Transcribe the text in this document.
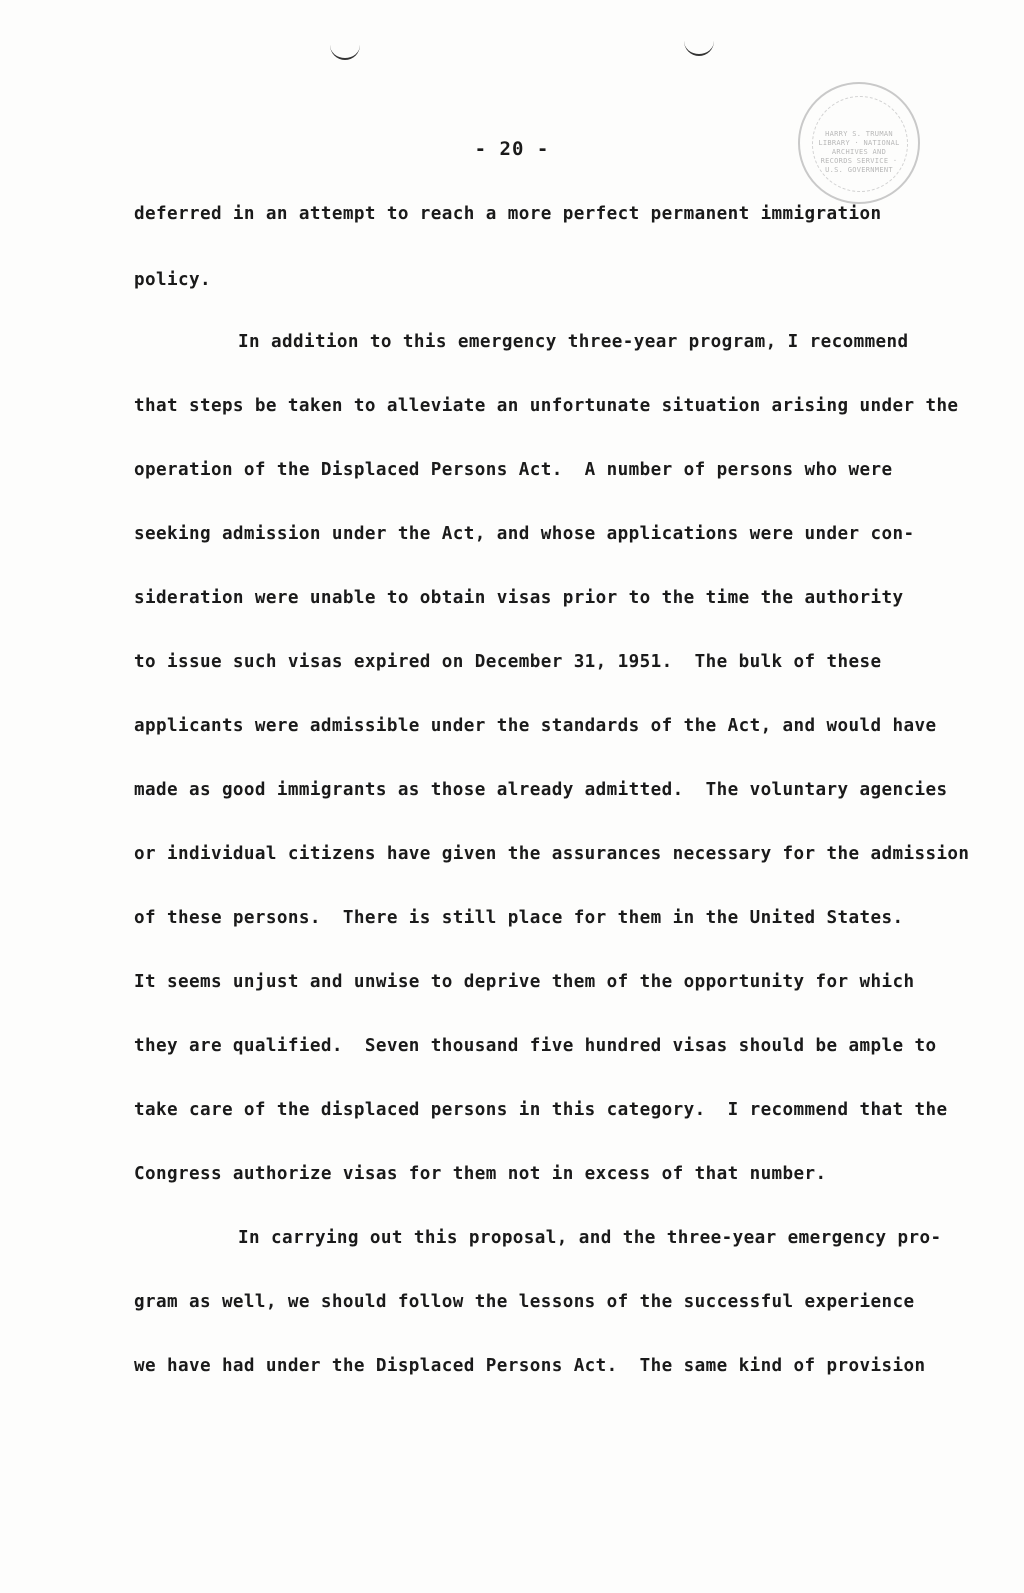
HARRY S. TRUMAN LIBRARY · NATIONAL ARCHIVES AND RECORDS SERVICE · U.S. GOVERNMENT
- 20 -
deferred in an attempt to reach a more perfect permanent immigration
policy.
In addition to this emergency three-year program, I recommend
that steps be taken to alleviate an unfortunate situation arising under the
operation of the Displaced Persons Act.  A number of persons who were
seeking admission under the Act, and whose applications were under con-
sideration were unable to obtain visas prior to the time the authority
to issue such visas expired on December 31, 1951.  The bulk of these
applicants were admissible under the standards of the Act, and would have
made as good immigrants as those already admitted.  The voluntary agencies
or individual citizens have given the assurances necessary for the admission
of these persons.  There is still place for them in the United States.
It seems unjust and unwise to deprive them of the opportunity for which
they are qualified.  Seven thousand five hundred visas should be ample to
take care of the displaced persons in this category.  I recommend that the
Congress authorize visas for them not in excess of that number.
In carrying out this proposal, and the three-year emergency pro-
gram as well, we should follow the lessons of the successful experience
we have had under the Displaced Persons Act.  The same kind of provision
